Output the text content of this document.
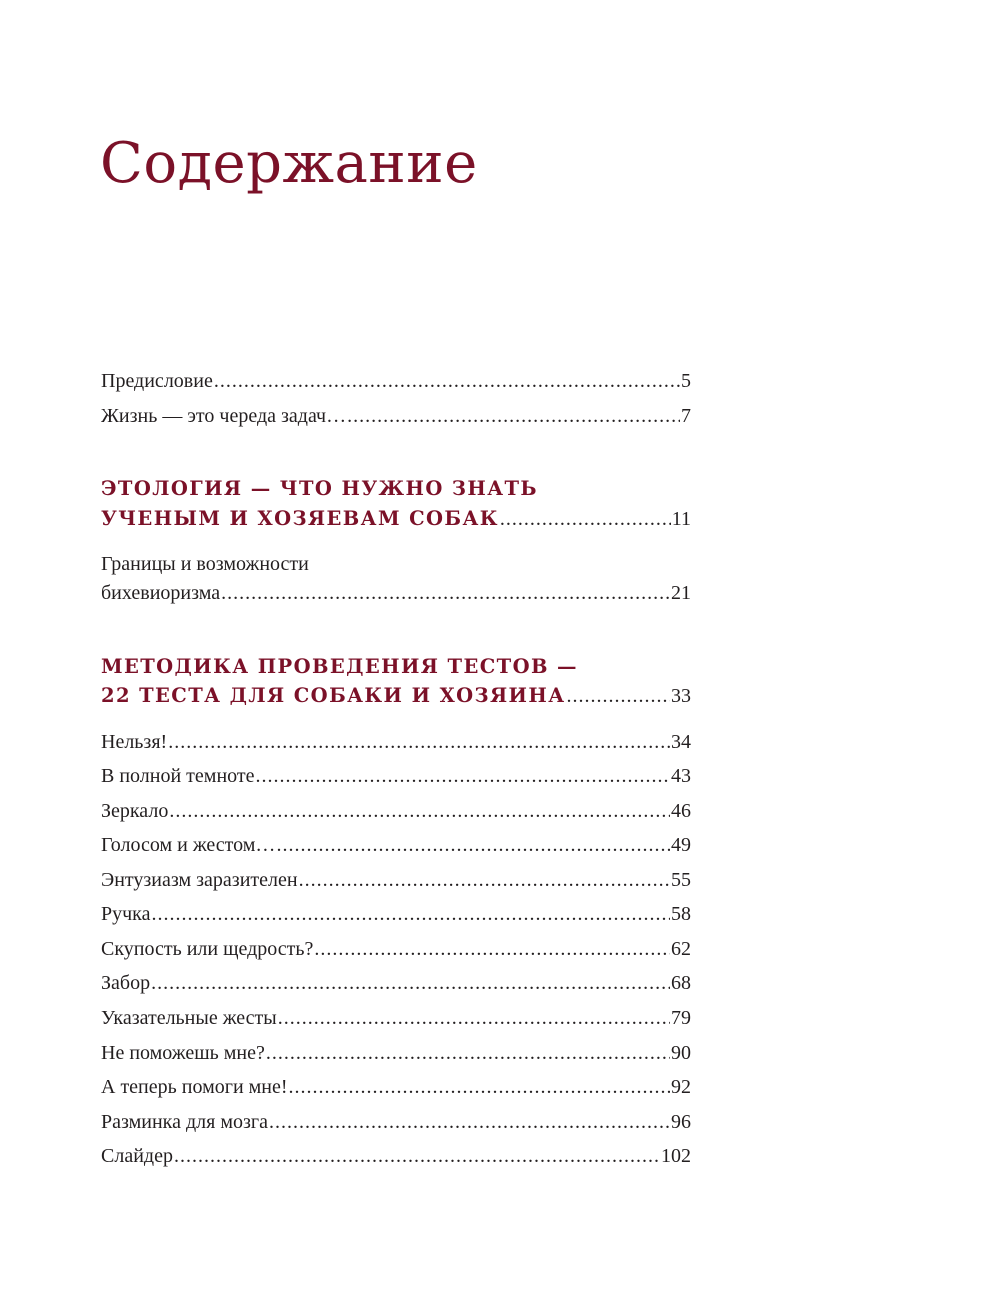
Содержание
Предисловие .....	5
Жизнь — это череда задач… .....	7
ЭТОЛОГИЯ — ЧТО НУЖНО ЗНАТЬ
УЧЕНЫМ И ХОЗЯЕВАМ СОБАК .....	11
Границы и возможности
бихевиоризма .....	21
МЕТОДИКА ПРОВЕДЕНИЯ ТЕСТОВ —
22 ТЕСТА ДЛЯ СОБАКИ И ХОЗЯИНА .....	33
Нельзя! .....	34
В полной темноте .....	43
Зеркало .....	46
Голосом и жестом… .....	49
Энтузиазм заразителен .....	55
Ручка .....	58
Скупость или щедрость? .....	62
Забор .....	68
Указательные жесты .....	79
Не поможешь мне? .....	90
А теперь помоги мне! .....	92
Разминка для мозга .....	96
Слайдер .....	102
